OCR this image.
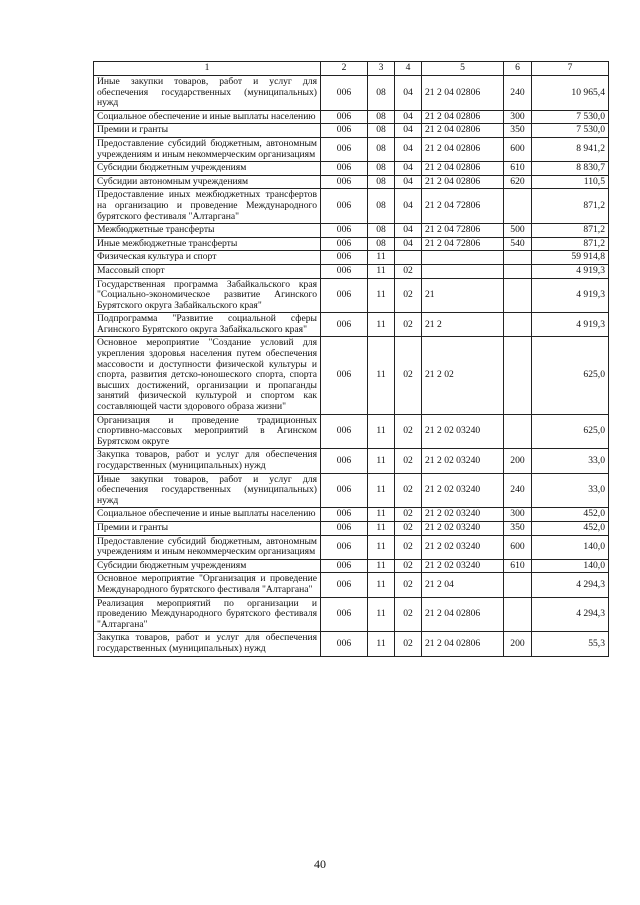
1	2	3	4	5	6	7
Иные закупки товаров, работ и услуг для обеспечения государственных (муниципальных) нужд	006	08	04	21 2 04 02806	240	10 965,4
Социальное обеспечение и иные выплаты населению	006	08	04	21 2 04 02806	300	7 530,0
Премии и гранты	006	08	04	21 2 04 02806	350	7 530,0
Предоставление субсидий бюджетным, автономным учреждениям и иным некоммерческим организациям	006	08	04	21 2 04 02806	600	8 941,2
Субсидии бюджетным учреждениям	006	08	04	21 2 04 02806	610	8 830,7
Субсидии автономным учреждениям	006	08	04	21 2 04 02806	620	110,5
Предоставление иных межбюджетных трансфертов на организацию и проведение Международного бурятского фестиваля "Алтаргана"	006	08	04	21 2 04 72806		871,2
Межбюджетные трансферты	006	08	04	21 2 04 72806	500	871,2
Иные межбюджетные трансферты	006	08	04	21 2 04 72806	540	871,2
Физическая культура и спорт	006	11				59 914,8
Массовый спорт	006	11	02			4 919,3
Государственная программа Забайкальского края "Социально-экономическое развитие Агинского Бурятского округа Забайкальского края"	006	11	02	21		4 919,3
Подпрограмма "Развитие социальной сферы Агинского Бурятского округа Забайкальского края"	006	11	02	21 2		4 919,3
Основное мероприятие "Создание условий для укрепления здоровья населения путем обеспечения массовости и доступности физической культуры и спорта, развития детско-юношеского спорта, спорта высших достижений, организации и пропаганды занятий физической культурой и спортом как составляющей части здорового образа жизни"	006	11	02	21 2 02		625,0
Организация и проведение традиционных спортивно-массовых мероприятий в Агинском Бурятском округе	006	11	02	21 2 02 03240		625,0
Закупка товаров, работ и услуг для обеспечения государственных (муниципальных) нужд	006	11	02	21 2 02 03240	200	33,0
Иные закупки товаров, работ и услуг для обеспечения государственных (муниципальных) нужд	006	11	02	21 2 02 03240	240	33,0
Социальное обеспечение и иные выплаты населению	006	11	02	21 2 02 03240	300	452,0
Премии и гранты	006	11	02	21 2 02 03240	350	452,0
Предоставление субсидий бюджетным, автономным учреждениям и иным некоммерческим организациям	006	11	02	21 2 02 03240	600	140,0
Субсидии бюджетным учреждениям	006	11	02	21 2 02 03240	610	140,0
Основное мероприятие "Организация и проведение Международного бурятского фестиваля "Алтаргана"	006	11	02	21 2 04		4 294,3
Реализация мероприятий по организации и проведению Международного бурятского фестиваля "Алтаргана"	006	11	02	21 2 04 02806		4 294,3
Закупка товаров, работ и услуг для обеспечения государственных (муниципальных) нужд	006	11	02	21 2 04 02806	200	55,3
40
